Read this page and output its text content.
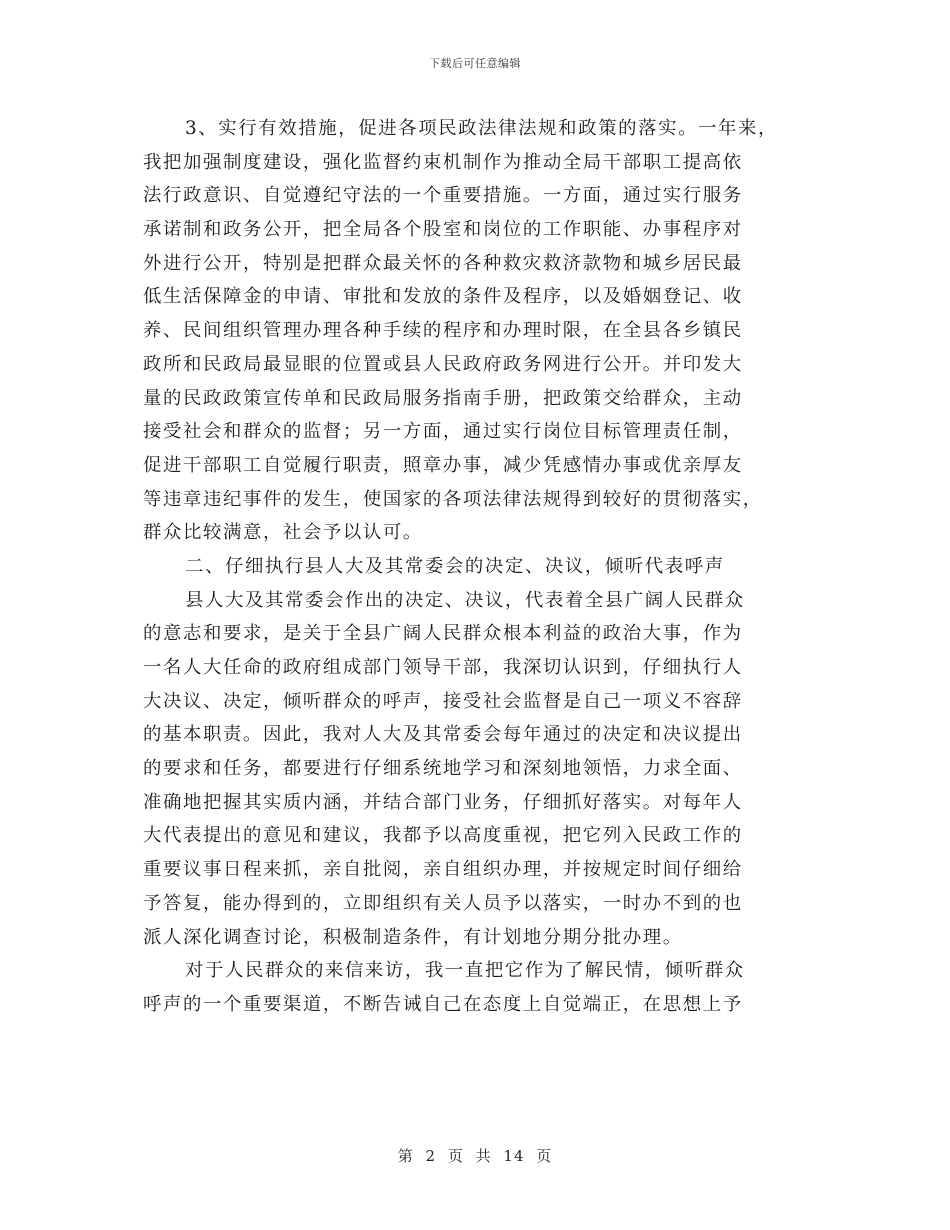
下载后可任意编辑
3、实行有效措施，促进各项民政法律法规和政策的落实。一年来，
我把加强制度建设，强化监督约束机制作为推动全局干部职工提高依
法行政意识、自觉遵纪守法的一个重要措施。一方面，通过实行服务
承诺制和政务公开，把全局各个股室和岗位的工作职能、办事程序对
外进行公开，特别是把群众最关怀的各种救灾救济款物和城乡居民最
低生活保障金的申请、审批和发放的条件及程序，以及婚姻登记、收
养、民间组织管理办理各种手续的程序和办理时限，在全县各乡镇民
政所和民政局最显眼的位置或县人民政府政务网进行公开。并印发大
量的民政政策宣传单和民政局服务指南手册，把政策交给群众，主动
接受社会和群众的监督；另一方面，通过实行岗位目标管理责任制，
促进干部职工自觉履行职责，照章办事，减少凭感情办事或优亲厚友
等违章违纪事件的发生，使国家的各项法律法规得到较好的贯彻落实，
群众比较满意，社会予以认可。
二、仔细执行县人大及其常委会的决定、决议，倾听代表呼声
县人大及其常委会作出的决定、决议，代表着全县广阔人民群众
的意志和要求，是关于全县广阔人民群众根本利益的政治大事，作为
一名人大任命的政府组成部门领导干部，我深切认识到，仔细执行人
大决议、决定，倾听群众的呼声，接受社会监督是自己一项义不容辞
的基本职责。因此，我对人大及其常委会每年通过的决定和决议提出
的要求和任务，都要进行仔细系统地学习和深刻地领悟，力求全面、
准确地把握其实质内涵，并结合部门业务，仔细抓好落实。对每年人
大代表提出的意见和建议，我都予以高度重视，把它列入民政工作的
重要议事日程来抓，亲自批阅，亲自组织办理，并按规定时间仔细给
予答复，能办得到的，立即组织有关人员予以落实，一时办不到的也
派人深化调查讨论，积极制造条件，有计划地分期分批办理。
对于人民群众的来信来访，我一直把它作为了解民情，倾听群众
呼声的一个重要渠道，不断告诫自己在态度上自觉端正，在思想上予
第 2 页 共 14 页
